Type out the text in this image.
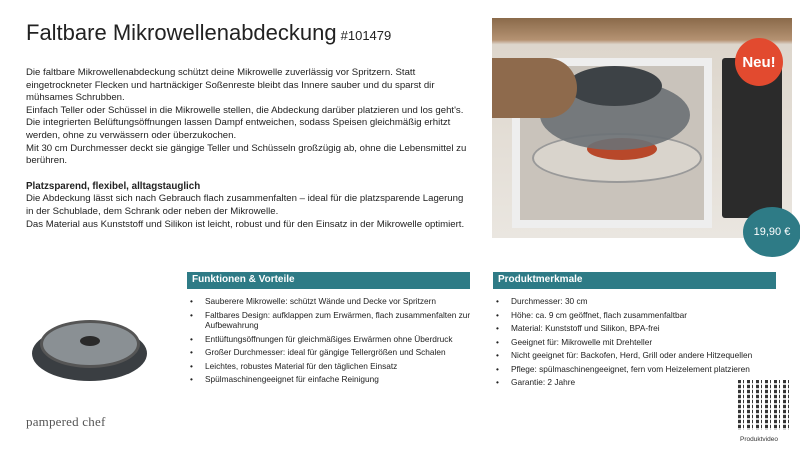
Faltbare Mikrowellenabdeckung #101479

Die faltbare Mikrowellenabdeckung schützt deine Mikrowelle zuverlässig vor Spritzern. Statt eingetrockneter Flecken und hartnäckiger Soßenreste bleibt das Innere sauber und du sparst dir mühsames Schrubben.

Einfach Teller oder Schüssel in die Mikrowelle stellen, die Abdeckung darüber platzieren und los geht's. Die integrierten Belüftungsöffnungen lassen Dampf entweichen, sodass Speisen gleichmäßig erhitzt werden, ohne zu verwässern oder überzukochen.

Mit 30 cm Durchmesser deckt sie gängige Teller und Schüsseln großzügig ab, ohne die Lebensmittel zu berühren.

Platzsparend, flexibel, alltagstauglich

Die Abdeckung lässt sich nach Gebrauch flach zusammenfalten – ideal für die platzsparende Lagerung in der Schublade, dem Schrank oder neben der Mikrowelle.

Das Material aus Kunststoff und Silikon ist leicht, robust und für den Einsatz in der Mikrowelle optimiert.

Neu!
19,90 €
Funktionen & Vorteile	Produktmerkmale
• Sauberere Mikrowelle: schützt Wände und Decke vor Spritzern
• Faltbares Design: aufklappen zum Erwärmen, flach zusammenfalten zur Aufbewahrung
• Entlüftungsöffnungen für gleichmäßiges Erwärmen ohne Überdruck
• Großer Durchmesser: ideal für gängige Tellergrößen und Schalen
• Leichtes, robustes Material für den täglichen Einsatz
• Spülmaschinengeeignet für einfache Reinigung
• Durchmesser: 30 cm
• Höhe: ca. 9 cm geöffnet, flach zusammenfaltbar
• Material: Kunststoff und Silikon, BPA-frei
• Geeignet für: Mikrowelle mit Drehteller
• Nicht geeignet für: Backofen, Herd, Grill oder andere Hitzequellen
• Pflege: spülmaschinengeeignet, fern vom Heizelement platzieren
• Garantie: 2 Jahre
pampered chef
Produktvideo
